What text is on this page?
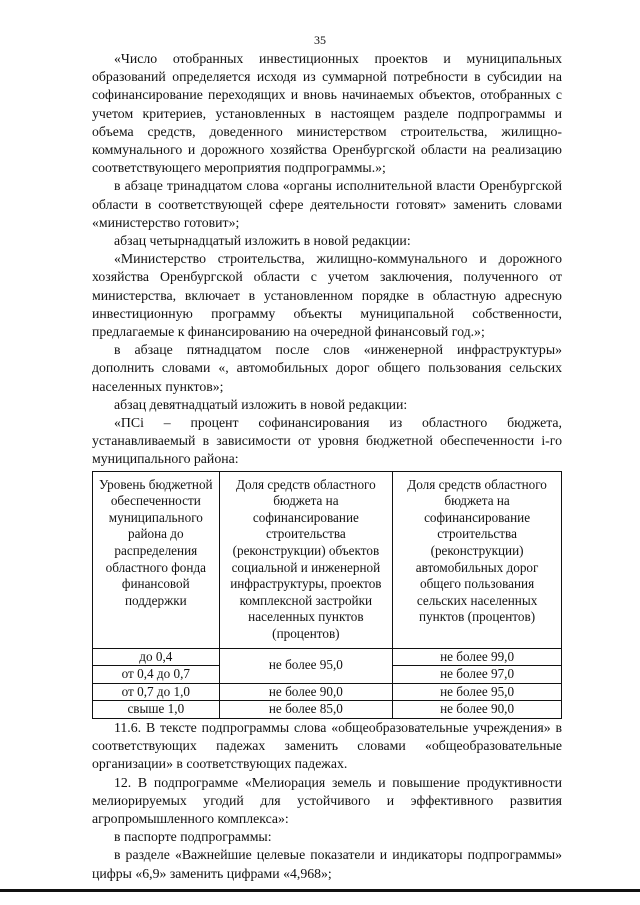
35

«Число отобранных инвестиционных проектов и муниципальных образований определяется исходя из суммарной потребности в субсидии на софинансирование переходящих и вновь начинаемых объектов, отобранных с учетом критериев, установленных в настоящем разделе подпрограммы и объема средств, доведенного министерством строительства, жилищно-коммунального и дорожного хозяйства Оренбургской области на реализацию соответствующего мероприятия подпрограммы.»;

в абзаце тринадцатом слова «органы исполнительной власти Оренбургской области в соответствующей сфере деятельности готовят» заменить словами «министерство готовит»;

абзац четырнадцатый изложить в новой редакции:

«Министерство строительства, жилищно-коммунального и дорожного хозяйства Оренбургской области с учетом заключения, полученного от министерства, включает в установленном порядке в областную адресную инвестиционную программу объекты муниципальной собственности, предлагаемые к финансированию на очередной финансовый год.»;

в абзаце пятнадцатом после слов «инженерной инфраструктуры» дополнить словами «, автомобильных дорог общего пользования сельских населенных пунктов»;

абзац девятнадцатый изложить в новой редакции:

«ПСi – процент софинансирования из областного бюджета, устанавливаемый в зависимости от уровня бюджетной обеспеченности i-го муниципального района:

Уровень бюджетной обеспеченности муниципального района до распределения областного фонда финансовой поддержки	Доля средств областного бюджета на софинансирование строительства (реконструкции) объектов социальной и инженерной инфраструктуры, проектов комплексной застройки населенных пунктов (процентов)	Доля средств областного бюджета на софинансирование строительства (реконструкции) автомобильных дорог общего пользования сельских населенных пунктов (процентов)
до 0,4	не более 95,0	не более 99,0
от 0,4 до 0,7		не более 97,0
от 0,7 до 1,0	не более 90,0	не более 95,0
свыше 1,0	не более 85,0	не более 90,0

11.6. В тексте подпрограммы слова «общеобразовательные учреждения» в соответствующих падежах заменить словами «общеобразовательные организации» в соответствующих падежах.

12. В подпрограмме «Мелиорация земель и повышение продуктивности мелиорируемых угодий для устойчивого и эффективного развития агропромышленного комплекса»:

в паспорте подпрограммы:

в разделе «Важнейшие целевые показатели и индикаторы подпрограммы» цифры «6,9» заменить цифрами «4,968»;
